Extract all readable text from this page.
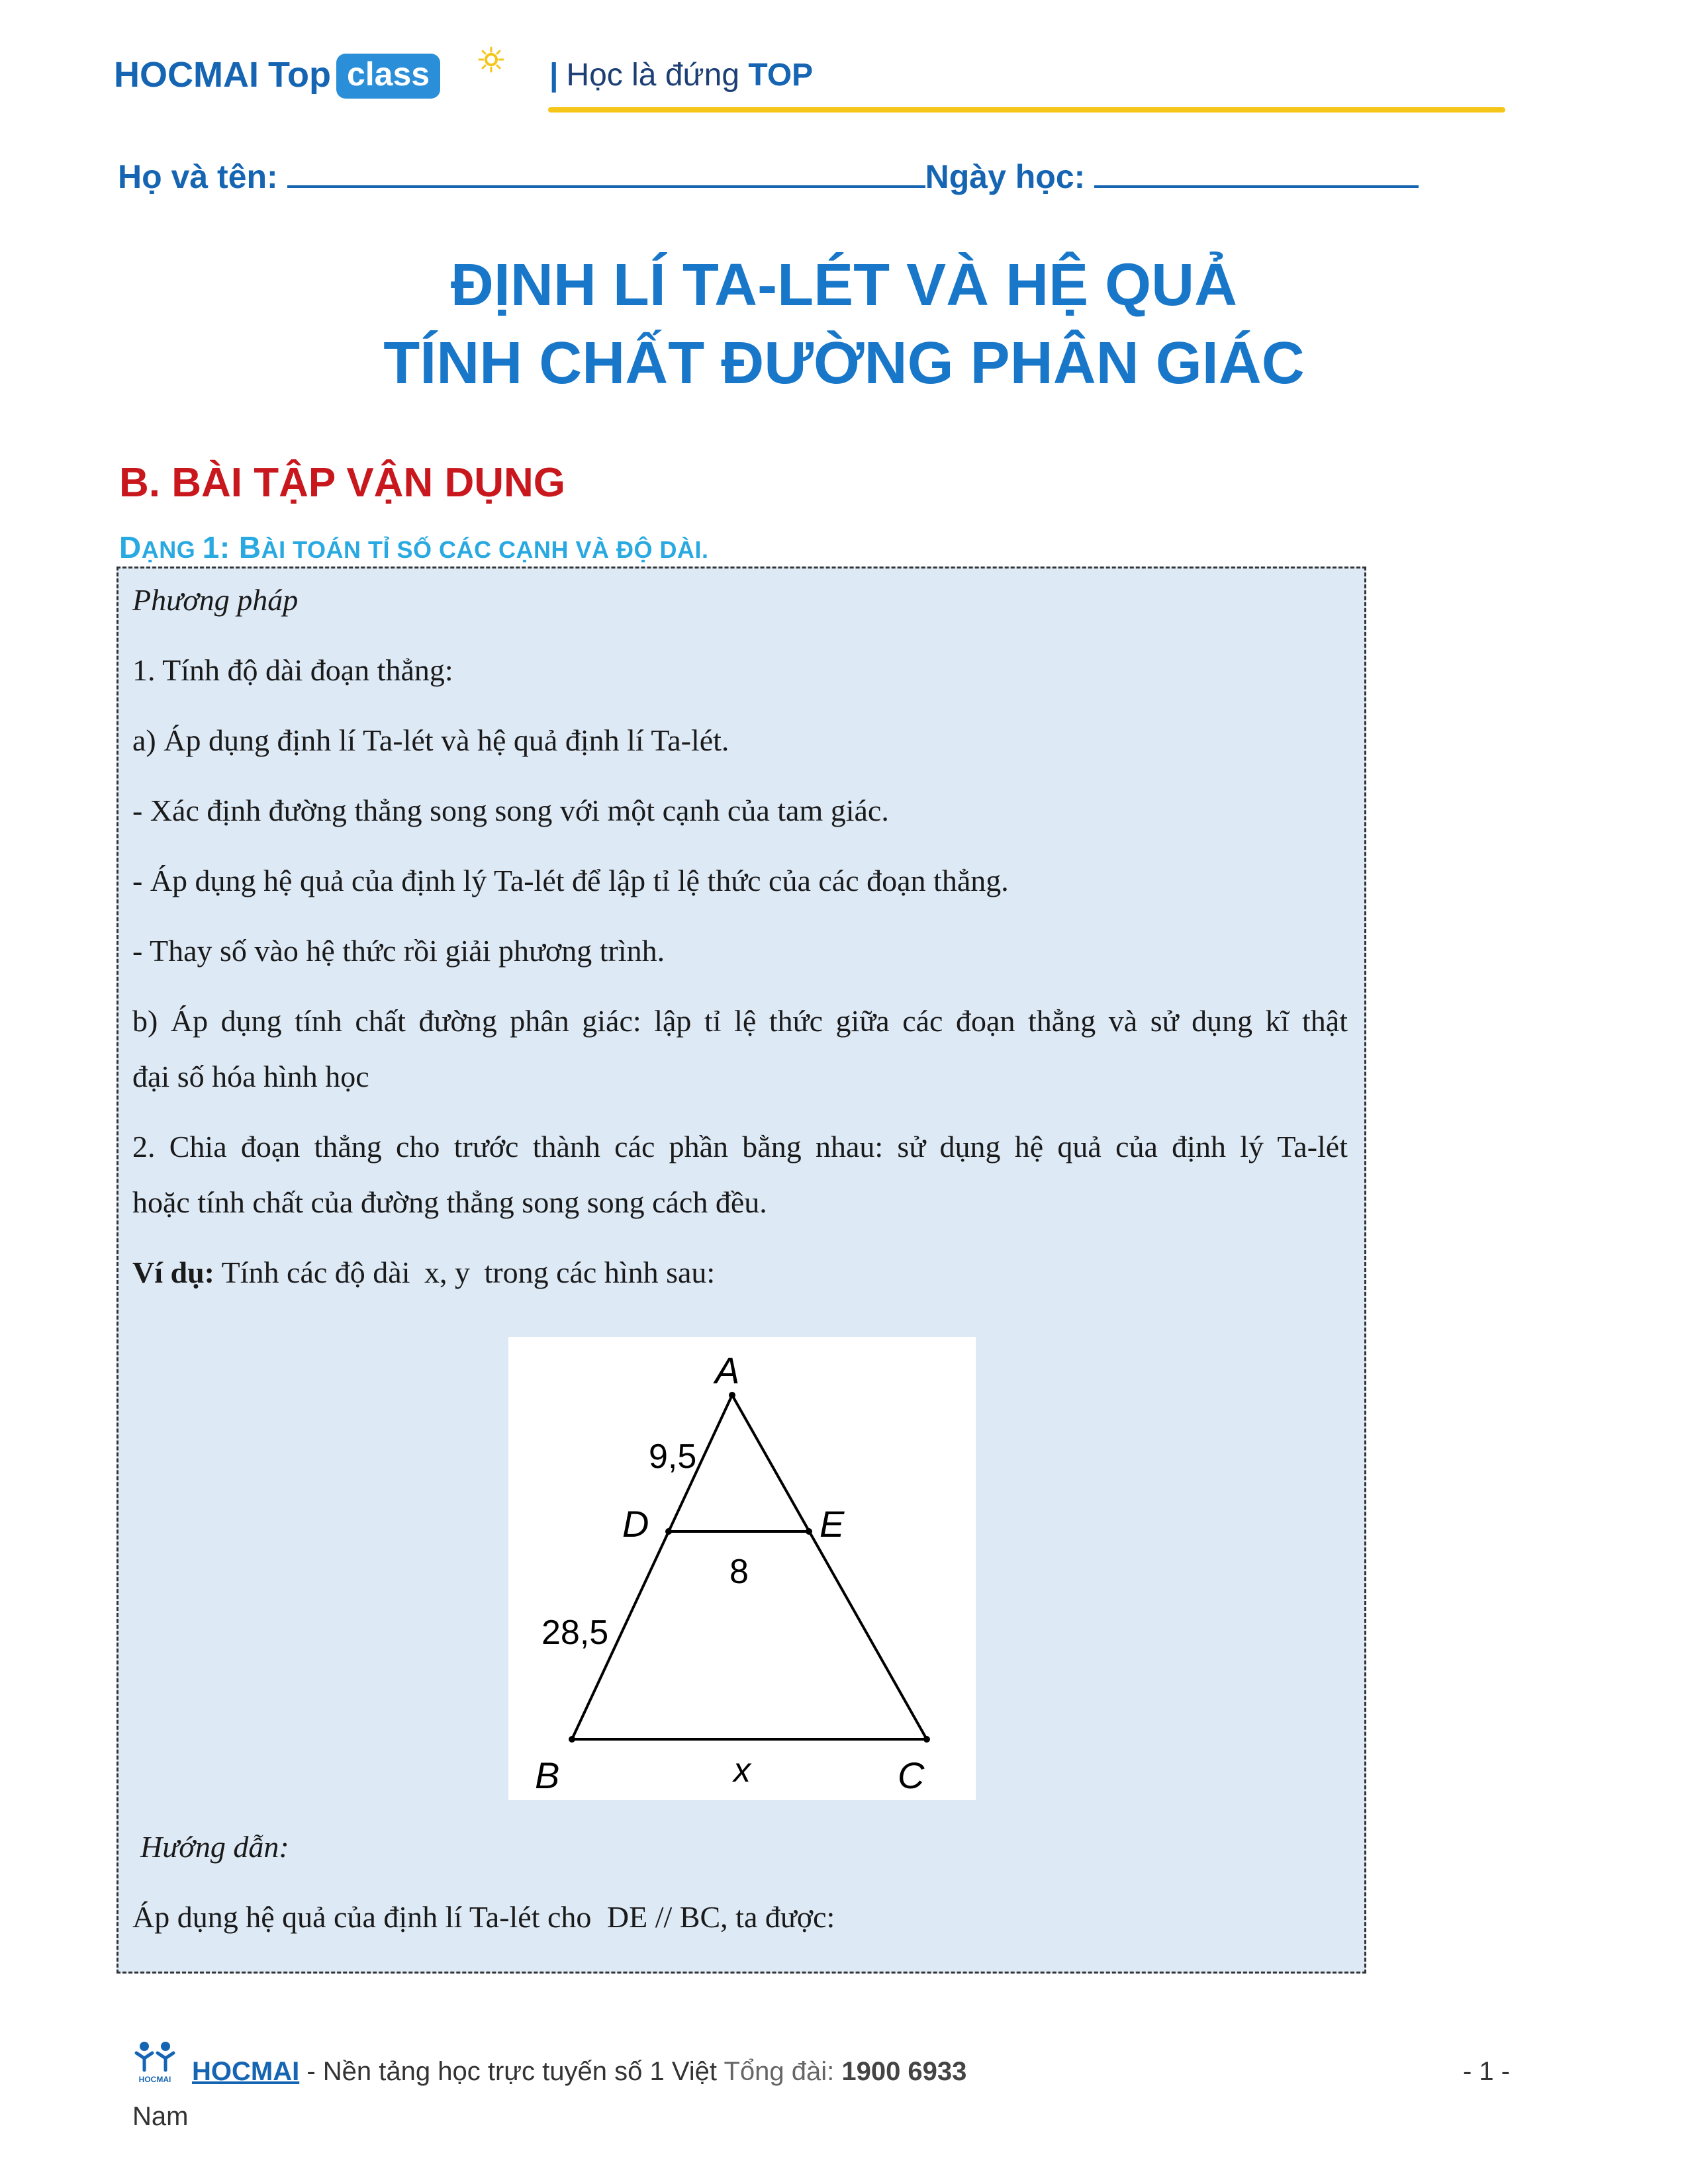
HOCMAI Top class	| Học là đứng TOP
Họ và tên:	Ngày học:
ĐỊNH LÍ TA-LÉT VÀ HỆ QUẢ
TÍNH CHẤT ĐƯỜNG PHÂN GIÁC
B. BÀI TẬP VẬN DỤNG
DẠNG 1: BÀI TOÁN TỈ SỐ CÁC CẠNH VÀ ĐỘ DÀI.
Phương pháp
1. Tính độ dài đoạn thẳng:
a) Áp dụng định lí Ta-lét và hệ quả định lí Ta-lét.
- Xác định đường thẳng song song với một cạnh của tam giác.
- Áp dụng hệ quả của định lý Ta-lét để lập tỉ lệ thức của các đoạn thẳng.
- Thay số vào hệ thức rồi giải phương trình.
b) Áp dụng tính chất đường phân giác: lập tỉ lệ thức giữa các đoạn thẳng và sử dụng kĩ thật
đại số hóa hình học
2. Chia đoạn thẳng cho trước thành các phần bằng nhau: sử dụng hệ quả của định lý Ta-lét
hoặc tính chất của đường thẳng song song cách đều.
Ví dụ: Tính các độ dài x, y trong các hình sau:
A
D	E
B	C
9,5
28,5
8
x
Hướng dẫn:
Áp dụng hệ quả của định lí Ta-lét cho DE // BC, ta được:
HOCMAI HOCMAI - Nền tảng học trực tuyến số 1 Việt Tổng đài: 1900 6933	- 1 -
Nam
